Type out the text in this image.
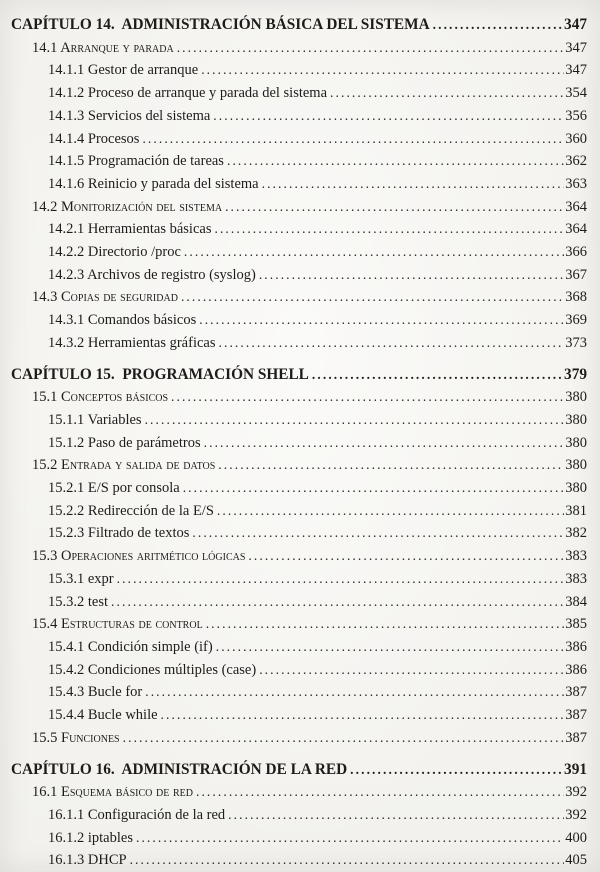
CAPÍTULO 14.  ADMINISTRACIÓN BÁSICA DEL SISTEMA .....	347
14.1 Arranque y parada .....	347
14.1.1 Gestor de arranque .....	347
14.1.2 Proceso de arranque y parada del sistema .....	354
14.1.3 Servicios del sistema .....	356
14.1.4 Procesos .....	360
14.1.5 Programación de tareas .....	362
14.1.6 Reinicio y parada del sistema .....	363
14.2 Monitorización del sistema .....	364
14.2.1 Herramientas básicas .....	364
14.2.2 Directorio /proc .....	366
14.2.3 Archivos de registro (syslog) .....	367
14.3 Copias de seguridad .....	368
14.3.1 Comandos básicos .....	369
14.3.2 Herramientas gráficas .....	373
CAPÍTULO 15.  PROGRAMACIÓN SHELL .....	379
15.1 Conceptos básicos .....	380
15.1.1 Variables .....	380
15.1.2 Paso de parámetros .....	380
15.2 Entrada y salida de datos .....	380
15.2.1 E/S por consola .....	380
15.2.2 Redirección de la E/S .....	381
15.2.3 Filtrado de textos .....	382
15.3 Operaciones aritmético lógicas .....	383
15.3.1 expr .....	383
15.3.2 test .....	384
15.4 Estructuras de control .....	385
15.4.1 Condición simple (if) .....	386
15.4.2 Condiciones múltiples (case) .....	386
15.4.3 Bucle for .....	387
15.4.4 Bucle while .....	387
15.5 Funciones .....	387
CAPÍTULO 16.  ADMINISTRACIÓN DE LA RED .....	391
16.1 Esquema básico de red .....	392
16.1.1 Configuración de la red .....	392
16.1.2 iptables .....	400
16.1.3 DHCP .....	405
